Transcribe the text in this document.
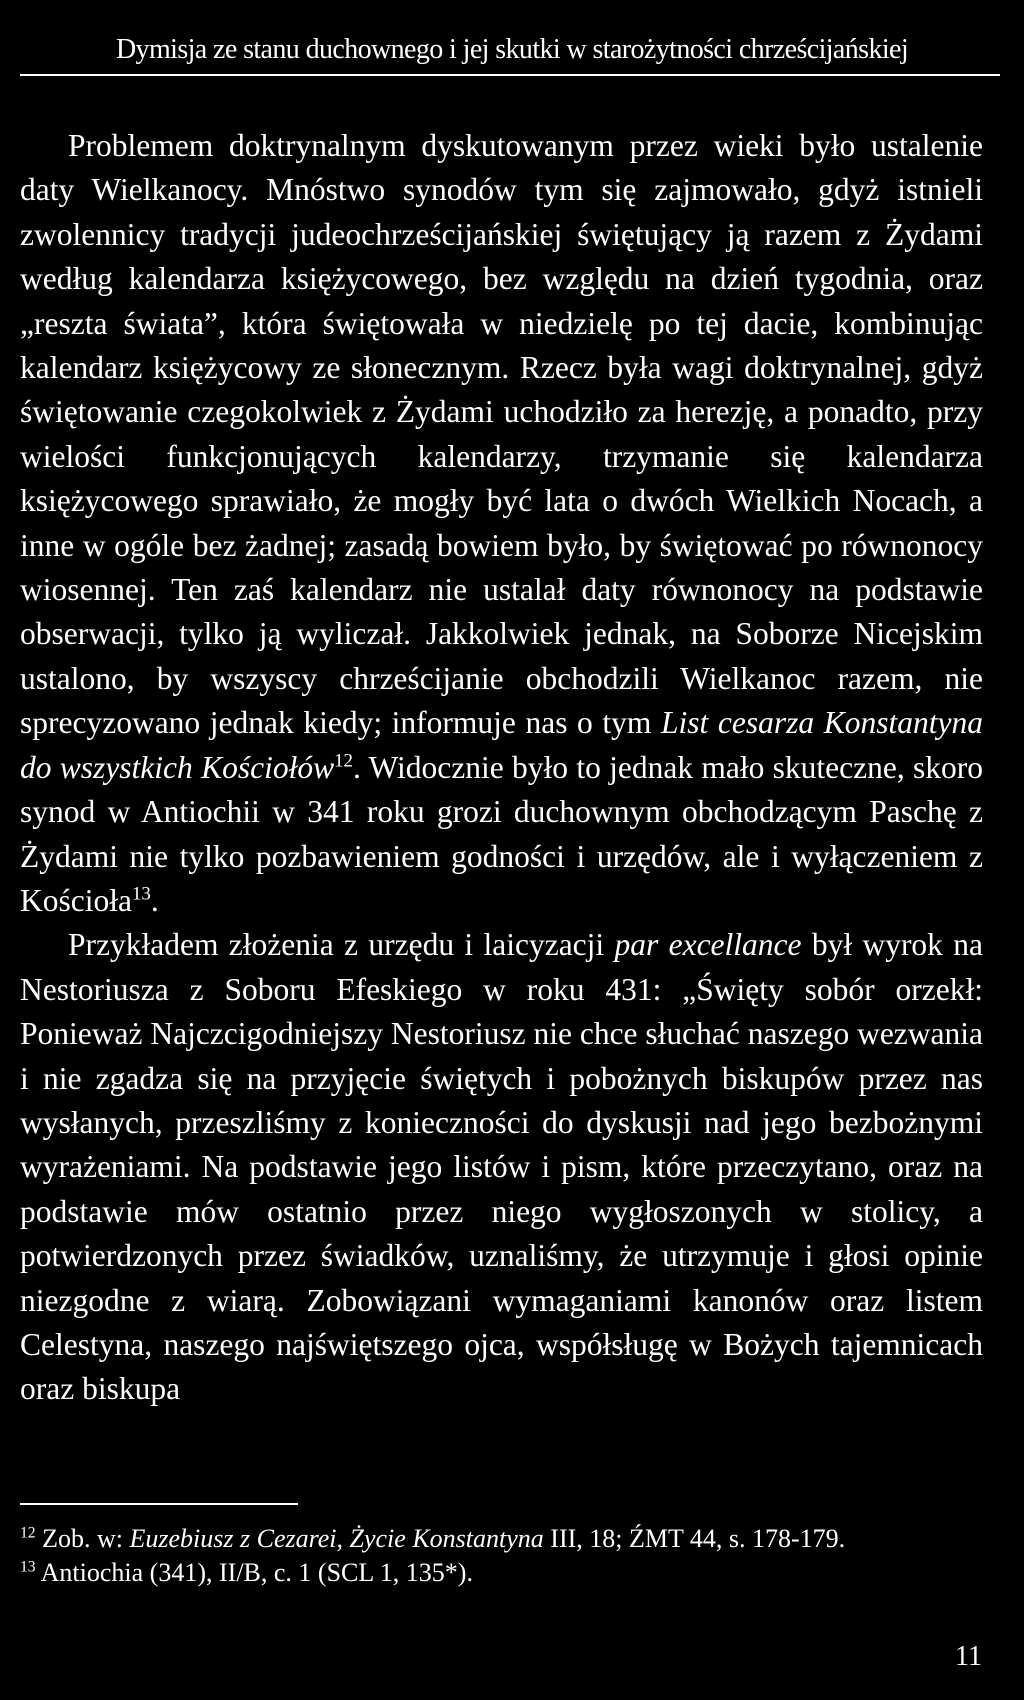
Dymisja ze stanu duchownego i jej skutki w starożytności chrześcijańskiej

Problemem doktrynalnym dyskutowanym przez wieki było ustalenie daty Wielkanocy. Mnóstwo synodów tym się zajmowało, gdyż istnieli zwolennicy tradycji judeochrześcijańskiej świętujący ją razem z Żydami według kalendarza księżycowego, bez względu na dzień tygodnia, oraz „reszta świata”, która świętowała w niedzielę po tej dacie, kombinując kalendarz księżycowy ze słonecznym. Rzecz była wagi doktrynalnej, gdyż świętowanie czegokolwiek z Żydami uchodziło za herezję, a ponadto, przy wielości funkcjonujących kalendarzy, trzymanie się kalendarza księżycowego sprawiało, że mogły być lata o dwóch Wielkich Nocach, a inne w ogóle bez żadnej; zasadą bowiem było, by świętować po równonocy wiosennej. Ten zaś kalendarz nie ustalał daty równonocy na podstawie obserwacji, tylko ją wyliczał. Jakkolwiek jednak, na Soborze Nicejskim ustalono, by wszyscy chrześcijanie obchodzili Wielkanoc razem, nie sprecyzowano jednak kiedy; informuje nas o tym List cesarza Konstantyna do wszystkich Kościołów$^{12}$. Widocznie było to jednak mało skuteczne, skoro synod w Antiochii w 341 roku grozi duchownym obchodzącym Paschę z Żydami nie tylko pozbawieniem godności i urzędów, ale i wyłączeniem z Kościoła$^{13}$.

Przykładem złożenia z urzędu i laicyzacji par excellance był wyrok na Nestoriusza z Soboru Efeskiego w roku 431: „Święty sobór orzekł: Ponieważ Najczcigodniejszy Nestoriusz nie chce słuchać naszego wezwania i nie zgadza się na przyjęcie świętych i pobożnych biskupów przez nas wysłanych, przeszliśmy z konieczności do dyskusji nad jego bezbożnymi wyrażeniami. Na podstawie jego listów i pism, które przeczytano, oraz na podstawie mów ostatnio przez niego wygłoszonych w stolicy, a potwierdzonych przez świadków, uznaliśmy, że utrzymuje i głosi opinie niezgodne z wiarą. Zobowiązani wymaganiami kanonów oraz listem Celestyna, naszego najświętszego ojca, współsługę w Bożych tajemnicach oraz biskupa

$^{12}$ Zob. w: Euzebiusz z Cezarei, Życie Konstantyna III, 18; ŹMT 44, s. 178-179.
$^{13}$ Antiochia (341), II/B, c. 1 (SCL 1, 135*).
11
